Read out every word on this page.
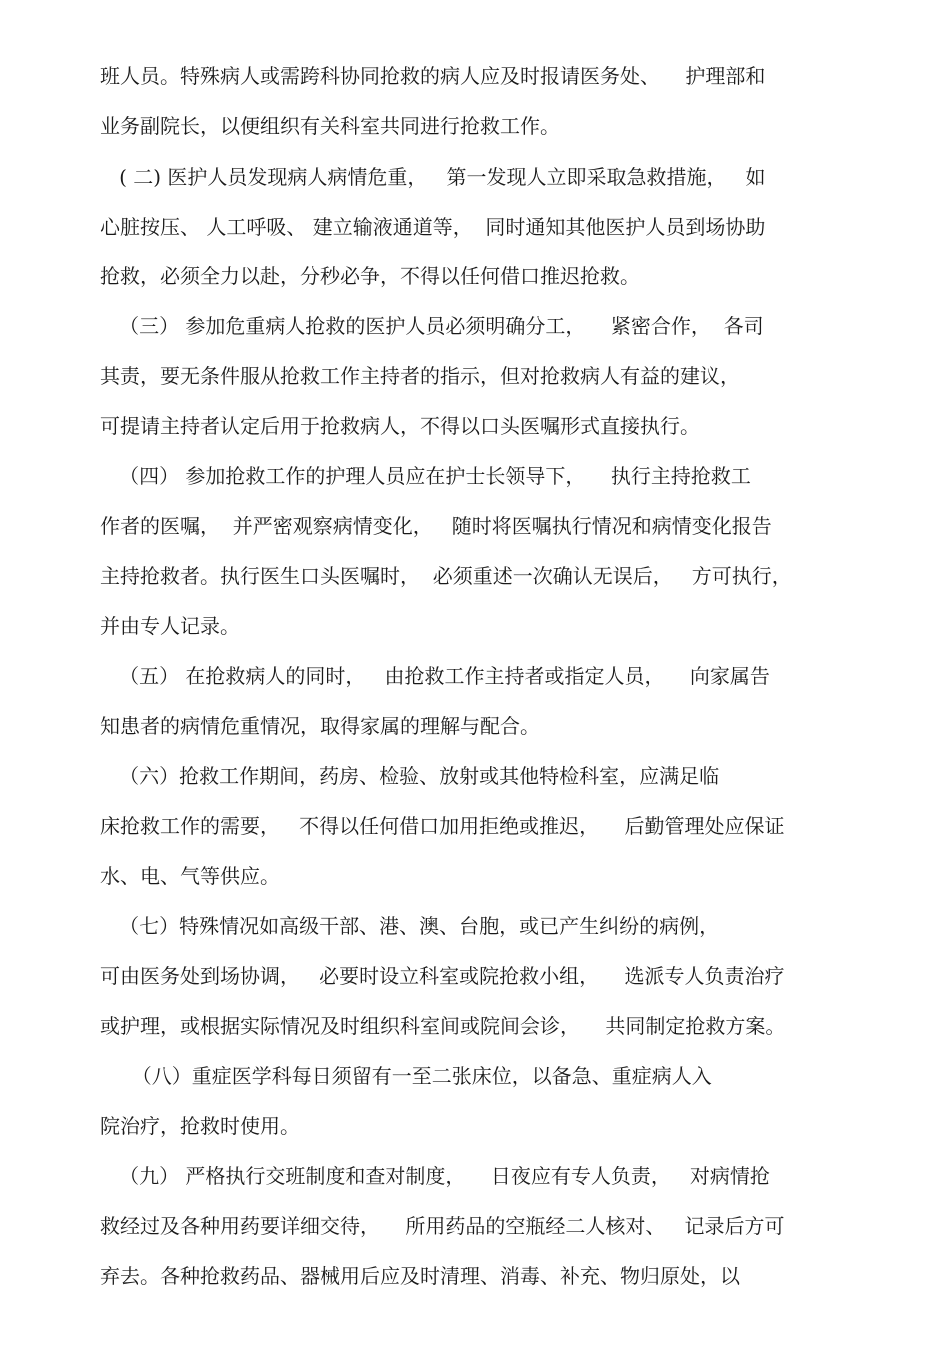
班人员。特殊病人或需跨科协同抢救的病人应及时报请医务处、    护理部和
业务副院长，以便组织有关科室共同进行抢救工作。
( 二) 医护人员发现病人病情危重，   第一发现人立即采取急救措施，   如
心脏按压、 人工呼吸、 建立输液通道等，  同时通知其他医护人员到场协助
抢救，必须全力以赴，分秒必争，不得以任何借口推迟抢救。
（三） 参加危重病人抢救的医护人员必须明确分工，    紧密合作，  各司
其责，要无条件服从抢救工作主持者的指示，但对抢救病人有益的建议，
可提请主持者认定后用于抢救病人，不得以口头医嘱形式直接执行。
（四） 参加抢救工作的护理人员应在护士长领导下，    执行主持抢救工
作者的医嘱，  并严密观察病情变化，   随时将医嘱执行情况和病情变化报告
主持抢救者。执行医生口头医嘱时，  必须重述一次确认无误后，   方可执行，
并由专人记录。
（五） 在抢救病人的同时，   由抢救工作主持者或指定人员，    向家属告
知患者的病情危重情况，取得家属的理解与配合。
（六）抢救工作期间，药房、检验、放射或其他特检科室，应满足临
床抢救工作的需要，   不得以任何借口加用拒绝或推迟，    后勤管理处应保证
水、电、气等供应。
（七）特殊情况如高级干部、港、澳、台胞，或已产生纠纷的病例，
可由医务处到场协调，   必要时设立科室或院抢救小组，    选派专人负责治疗
或护理，或根据实际情况及时组织科室间或院间会诊，    共同制定抢救方案。
（八）重症医学科每日须留有一至二张床位，以备急、重症病人入
院治疗，抢救时使用。
（九） 严格执行交班制度和查对制度，    日夜应有专人负责，   对病情抢
救经过及各种用药要详细交待，    所用药品的空瓶经二人核对、   记录后方可
弃去。各种抢救药品、器械用后应及时清理、消毒、补充、物归原处，以
